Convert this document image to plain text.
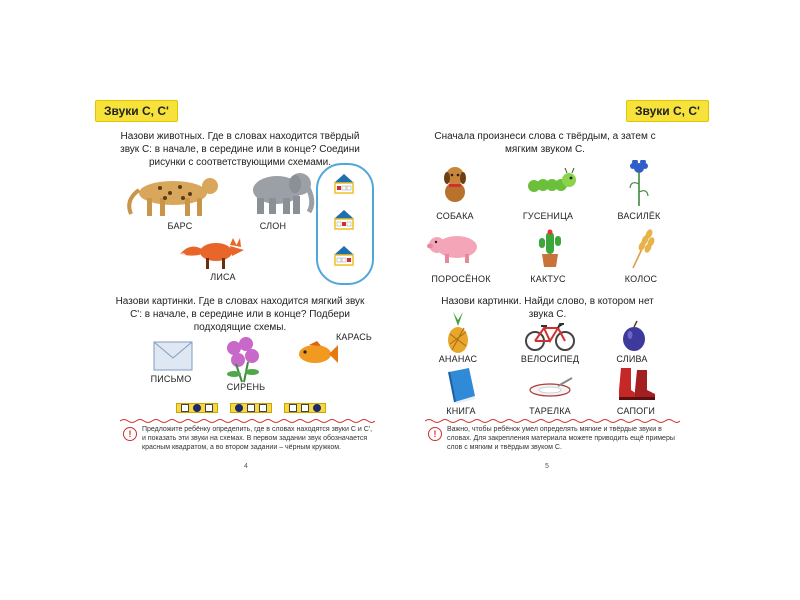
Звуки С, С'
Назови животных. Где в словах находится твёрдый звук С: в начале, в середине или в конце? Соедини рисунки с соответствующими схемами.
БАРС	СЛОН
ЛИСА
Назови картинки. Где в словах находится мягкий звук С': в начале, в середине или в конце? Подбери подходящие схемы.
ПИСЬМО
СИРЕНЬ
КАРАСЬ
!	Предложите ребёнку определить, где в словах находятся звуки С и С', и показать эти звуки на схемах. В первом задании звук обозначается красным квадратом, а во втором задании – чёрным кружком.
4
Звуки С, С'
Сначала произнеси слова с твёрдым, а затем с мягким звуком С.
СОБАКА	ГУСЕНИЦА	ВАСИЛЁК
ПОРОСЁНОК	КАКТУС	КОЛОС
Назови картинки. Найди слово, в котором нет звука С.
АНАНАС	ВЕЛОСИПЕД	СЛИВА
КНИГА	ТАРЕЛКА	САПОГИ
!	Важно, чтобы ребёнок умел определять мягкие и твёрдые звуки в словах. Для закрепления материала можете приводить ещё примеры слов с мягким и твёрдым звуком С.
5
